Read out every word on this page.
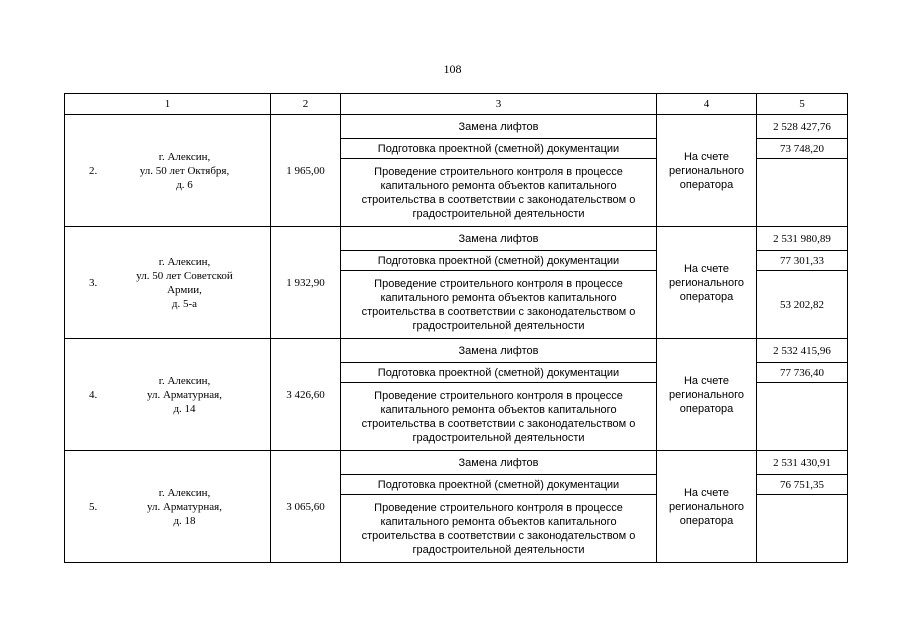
108
1	2	3	4	5

2.
г. Алексин,
ул. 50 лет Октября,
д. 6	1 965,00	Замена лифтов	На счете регионального оператора	2 528 427,76
		Подготовка проектной (сметной) документации		73 748,20

		Проведение строительного контроля в процессе капитального ремонта объектов капитального строительства в соответствии с законодательством о градостроительной деятельности		

3.
г. Алексин,
ул. 50 лет Советской
Армии,
д. 5-а	1 932,90	Замена лифтов	На счете регионального оператора	2 531 980,89
		Подготовка проектной (сметной) документации		77 301,33

		Проведение строительного контроля в процессе капитального ремонта объектов капитального строительства в соответствии с законодательством о градостроительной деятельности		53 202,82

4.
г. Алексин,
ул. Арматурная,
д. 14	3 426,60	Замена лифтов	На счете регионального оператора	2 532 415,96
		Подготовка проектной (сметной) документации		77 736,40

		Проведение строительного контроля в процессе капитального ремонта объектов капитального строительства в соответствии с законодательством о градостроительной деятельности		

5.
г. Алексин,
ул. Арматурная,
д. 18	3 065,60	Замена лифтов	На счете регионального оператора	2 531 430,91
		Подготовка проектной (сметной) документации		76 751,35

		Проведение строительного контроля в процессе капитального ремонта объектов капитального строительства в соответствии с законодательством о градостроительной деятельности		
